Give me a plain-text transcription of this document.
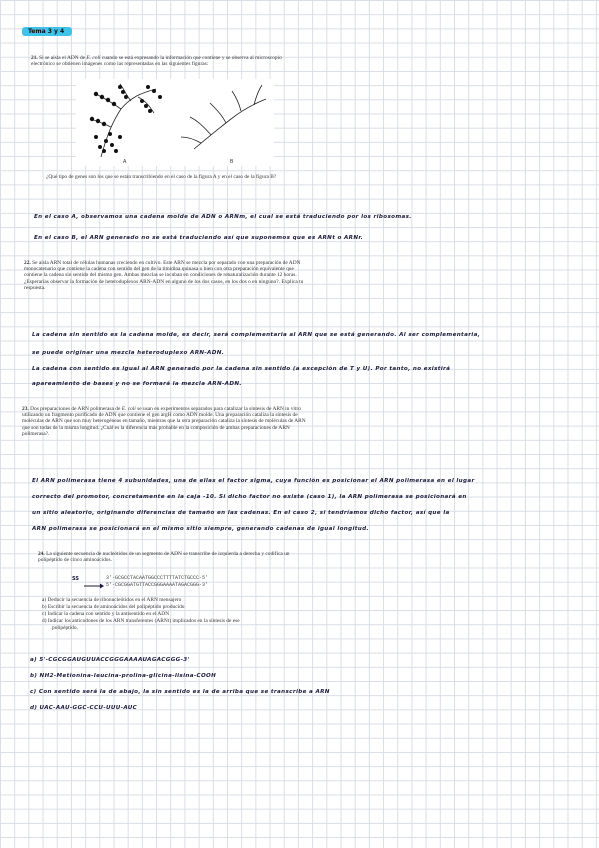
Tema 3 y 4
21. Si se aísla el ADN de E. coli cuando se está expresando la información que contiene y se observa al microscopio electrónico se obtienen imágenes como las representadas en las siguientes figuras:
A	B
¿Qué tipo de genes son los que se están transcribiendo en el caso de la figura A y en el caso de la figura B?
En el caso A, observamos una cadena molde de ADN o ARNm, el cual se está traduciendo por los ribosomas.
En el caso B, el ARN generado no se está traduciendo así que suponemos que es ARNt o ARNr.
22. Se aísla ARN total de células humanas creciendo en cultivo. Este ARN se mezcla por separado con una preparación de ADN monocatenario que contiene la cadena con sentido del gen de la timidina quinasa o bien con otra preparación equivalente que contiene la cadena sin sentido del mismo gen. Ambas mezclas se incuban en condiciones de renaturalización durante 12 horas. ¿Esperarías observar la formación de heteroduplexos ARN-ADN en alguno de los dos casos, en los dos o en ninguno?. Explica tu respuesta.
La cadena sin sentido es la cadena molde, es decir, será complementaria al ARN que se está generando. Al ser complementaria,
se puede originar una mezcla heteroduplexo ARN-ADN.
La cadena con sentido es igual al ARN generado por la cadena sin sentido (a excepción de T y U). Por tanto, no existirá
apareamiento de bases y no se formará la mezcla ARN-ADN.
23. Dos preparaciones de ARN polimerasa de E. coli se usan en experimentos separados para catalizar la síntesis de ARN in vitro utilizando un fragmento purificado de ADN que contiene el gen argH como ADN molde. Una preparación cataliza la síntesis de moléculas de ARN que son muy heterogéneas en tamaño, mientras que la otra preparación cataliza la síntesis de moléculas de ARN que son todas de la misma longitud. ¿Cuál es la diferencia más probable en la composición de ambas preparaciones de ARN polimerasa?.
El ARN polimerasa tiene 4 subunidades, una de ellas el factor sigma, cuya función es posicionar el ARN polimerasa en el lugar
correcto del promotor, concretamente en la caja -10. Si dicho factor no existe (caso 1), la ARN polimerasa se posicionará en
un sitio aleatorio, originando diferencias de tamaño en las cadenas. En el caso 2, si tendríamos dicho factor, así que la
ARN polimerasa se posicionará en el mismo sitio siempre, generando cadenas de igual longitud.
24. La siguiente secuencia de nucleótidos de un segmento de ADN se transcribe de izquierda a derecha y codifica un polipéptido de cinco aminoácidos.
SS	3'-GCGCCTACAATGGCCCTTTTATCTGCCC-5'
5'-CGCGGATGTTACCGGGAAAATAGACGGG-3'
a) Deducir la secuencia de ribonucleótidos en el ARN mensajero
b) Escribir la secuencia de aminoácidos del polipéptido producido
c) Indicar la cadena con sentido y la antisentido en el ADN
d) Indicar los anticodones de los ARN transferentes (ARNt) implicados en la síntesis de ese
polipéptido.
a) 5'-CGCGGAUGUUACCGGGAAAAUAGACGGG-3'
b) NH2-Metionina-leucina-prolina-glicina-lisina-COOH
c) Con sentido será la de abajo, la sin sentido es la de arriba que se transcribe a ARN
d) UAC-AAU-GGC-CCU-UUU-AUC
